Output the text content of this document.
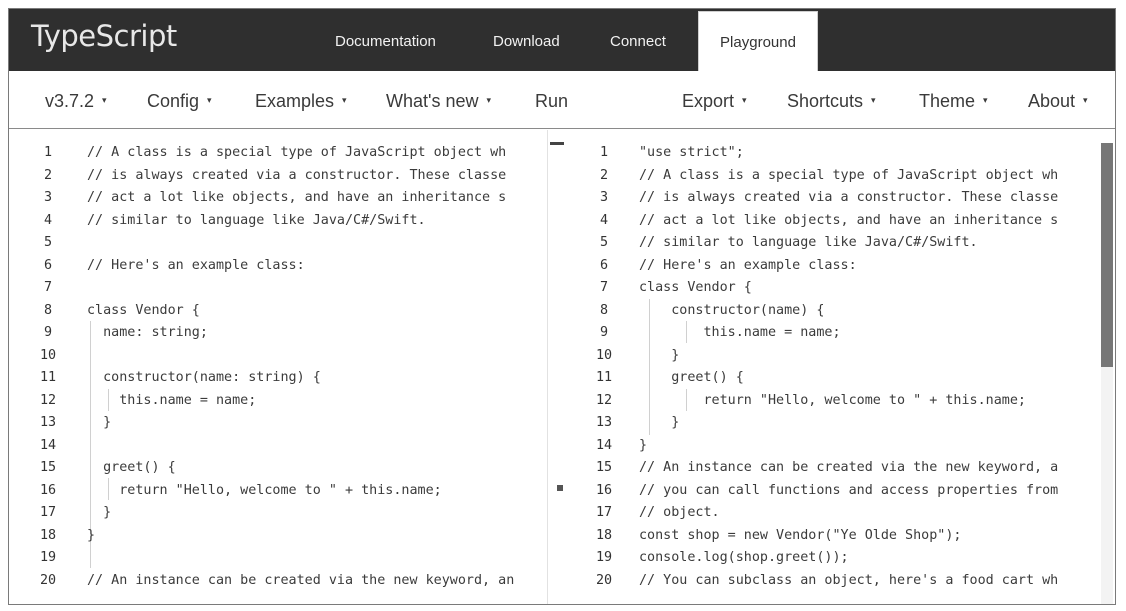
TypeScript	Documentation	Download	Connect	Playground
v3.7.2 ▾ Config ▾ Examples ▾ What's new ▾ Run	Export ▾ Shortcuts ▾ Theme ▾ About ▾
1	// A class is a special type of JavaScript object wh
2	// is always created via a constructor. These classe
3	// act a lot like objects, and have an inheritance s
4	// similar to language like Java/C#/Swift.
5
6	// Here's an example class:
7
8	class Vendor {
9	name: string;
10
11	constructor(name: string) {
12	this.name = name;
13	}
14
15	greet() {
16	return "Hello, welcome to " + this.name;
17	}
18	}
19
20	// An instance can be created via the new keyword, an
1	"use strict";
2	// A class is a special type of JavaScript object wh
3	// is always created via a constructor. These classe
4	// act a lot like objects, and have an inheritance s
5	// similar to language like Java/C#/Swift.
6	// Here's an example class:
7	class Vendor {
8	constructor(name) {
9	this.name = name;
10	}
11	greet() {
12	return "Hello, welcome to " + this.name;
13	}
14	}
15	// An instance can be created via the new keyword, a
16	// you can call functions and access properties from
17	// object.
18	const shop = new Vendor("Ye Olde Shop");
19	console.log(shop.greet());
20	// You can subclass an object, here's a food cart wh
